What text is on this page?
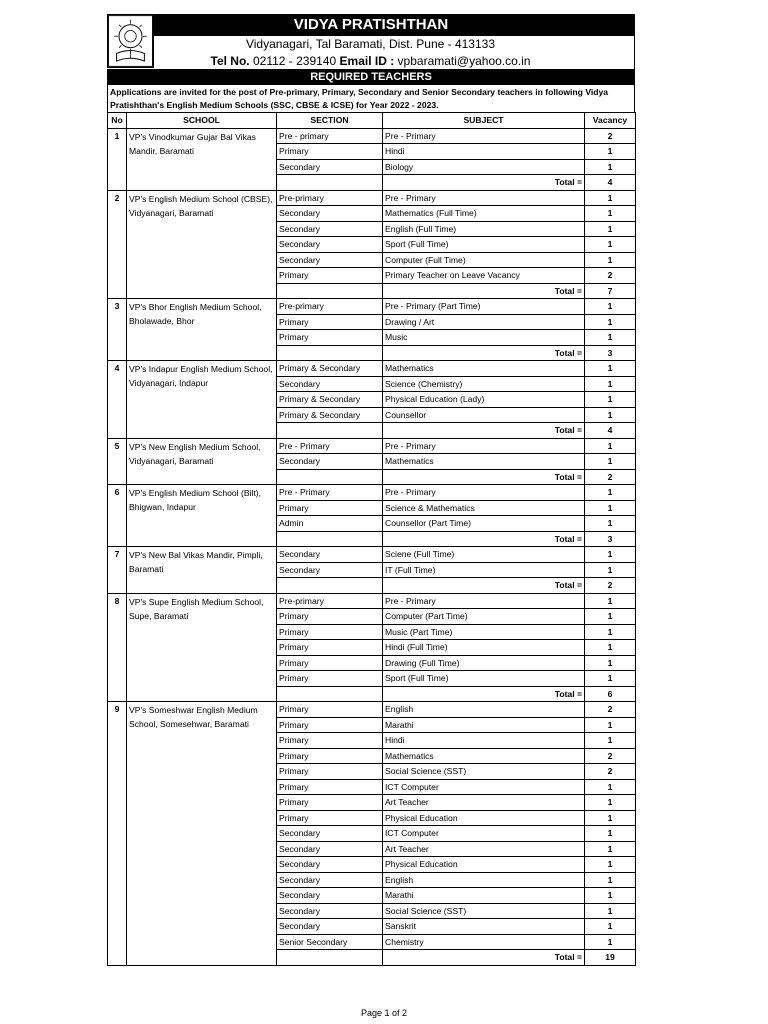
VIDYA PRATISHTHAN
Vidyanagari, Tal Baramati, Dist. Pune - 413133
Tel No. 02112 - 239140 Email ID : vpbaramati@yahoo.co.in
REQUIRED TEACHERS
Applications are invited for the post of Pre-primary, Primary, Secondary and Senior Secondary teachers in following Vidya Pratishthan's English Medium Schools (SSC, CBSE & ICSE) for Year 2022 - 2023.
No	SCHOOL	SECTION	SUBJECT	Vacancy
1	VP's Vinodkumar Gujar Bal Vikas Mandir, Baramati	Pre - primary	Pre - Primary	2
		Primary	Hindi	1
		Secondary	Biology	1
			Total =	4
2	VP's English Medium School (CBSE), Vidyanagari, Baramati	Pre-primary	Pre - Primary	1
		Secondary	Mathematics (Full Time)	1
		Secondary	English (Full Time)	1
		Secondary	Sport (Full Time)	1
		Secondary	Computer (Full Time)	1
		Primary	Primary Teacher on Leave Vacancy	2
			Total =	7
3	VP's Bhor English Medium School, Bholawade, Bhor	Pre-primary	Pre - Primary (Part Time)	1
		Primary	Drawing / Art	1
		Primary	Music	1
			Total =	3
4	VP's Indapur English Medium School, Vidyanagari, Indapur	Primary & Secondary	Mathematics	1
		Secondary	Science (Chemistry)	1
		Primary & Secondary	Physical Education (Lady)	1
		Primary & Secondary	Counsellor	1
			Total =	4
5	VP's New English Medium School, Vidyanagari, Baramati	Pre - Primary	Pre - Primary	1
		Secondary	Mathematics	1
			Total =	2
6	VP's English Medium School (Bilt), Bhigwan, Indapur	Pre - Primary	Pre - Primary	1
		Primary	Science & Mathematics	1
		Admin	Counsellor (Part Time)	1
			Total =	3
7	VP's New Bal Vikas Mandir, Pimpli, Baramati	Secondary	Sciene (Full Time)	1
		Secondary	IT (Full Time)	1
			Total =	2
8	VP's Supe English Medium School, Supe, Baramati	Pre-primary	Pre - Primary	1
		Primary	Computer (Part Time)	1
		Primary	Music (Part Time)	1
		Primary	Hindi (Full Time)	1
		Primary	Drawing (Full Time)	1
		Primary	Sport (Full Time)	1
			Total =	6
9	VP's Someshwar English Medium School, Somesehwar, Baramati	Primary	English	2
		Primary	Marathi	1
		Primary	Hindi	1
		Primary	Mathematics	2
		Primary	Social Science (SST)	2
		Primary	ICT Computer	1
		Primary	Art Teacher	1
		Primary	Physical Education	1
		Secondary	ICT Computer	1
		Secondary	Art Teacher	1
		Secondary	Physical Education	1
		Secondary	English	1
		Secondary	Marathi	1
		Secondary	Social Science (SST)	1
		Secondary	Sanskrit	1
		Senior Secondary	Chemistry	1
			Total =	19
Page 1 of 2
